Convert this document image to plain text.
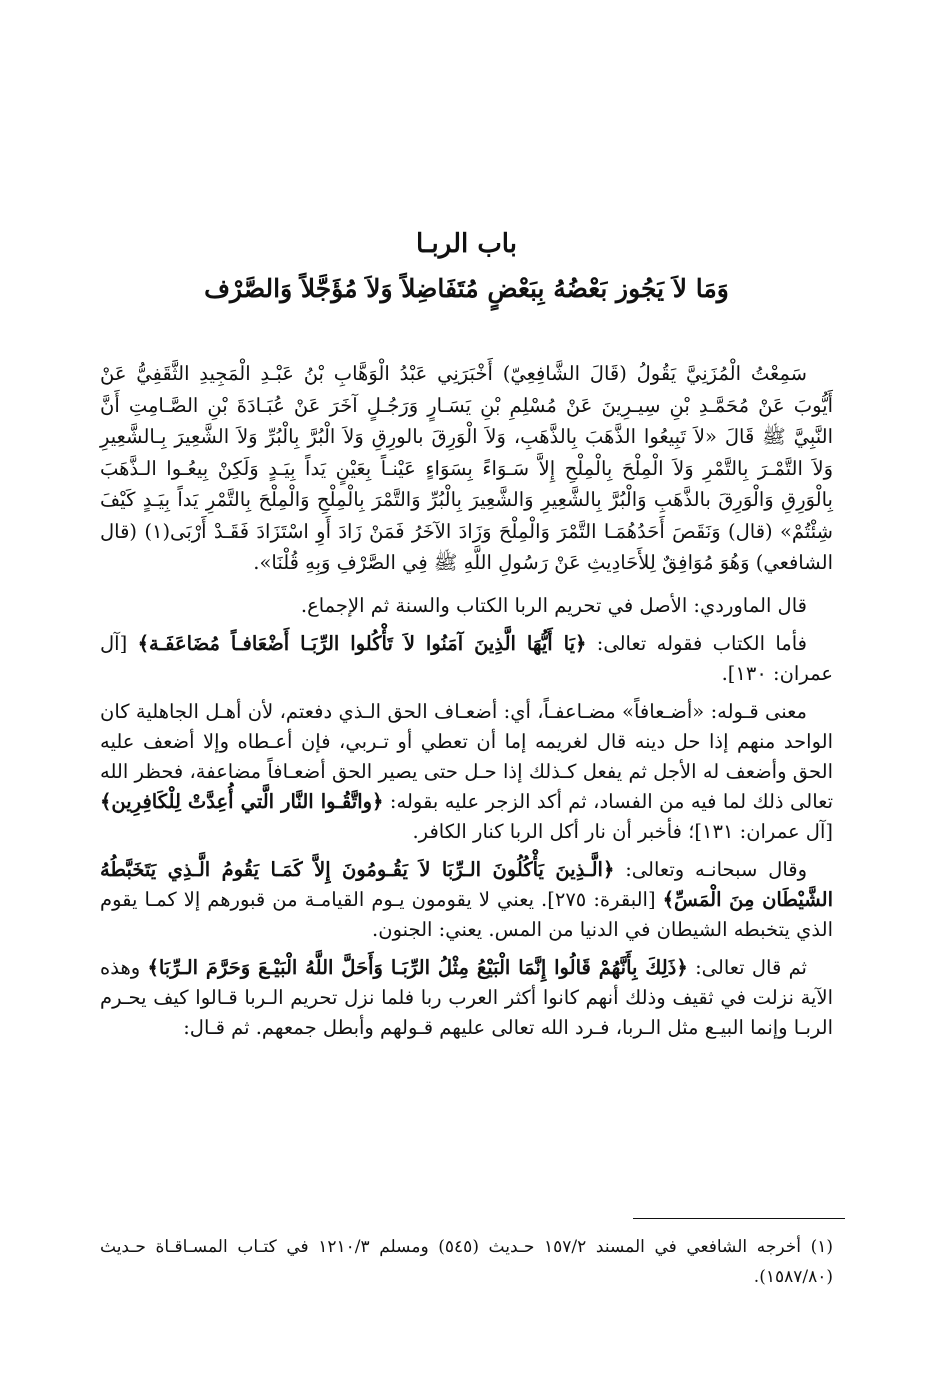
باب الربـا
وَمَا لاَ يَجُوز بَعْضُهُ بِبَعْضٍ مُتَفَاضِلاً وَلاَ مُؤَجَّلاً وَالصَّرْف

سَمِعْتُ الْمُزَنِيَّ يَقُولُ (قَالَ الشَّافِعِيّ) أَخْبَرَنِي عَبْدُ الْوَهَّابِ بْنُ عَبْـدِ الْمَجِيدِ الثَّقَفِيُّ عَنْ أَيُّوبَ عَنْ مُحَمَّـدِ بْنِ سِيـرِينَ عَنْ مُسْلِمِ بْنِ يَسَـارٍ وَرَجُـلٍ آخَرَ عَنْ عُبَـادَةَ بْنِ الصَّـامِتِ أَنَّ النَّبِيَّ ﷺ قَالَ «لاَ تَبِيعُوا الذَّهَبَ بِالذَّهَبِ، وَلاَ الْوَرِقَ بالورِقِ وَلاَ الْبُرَّ بِالْبُرِّ وَلاَ الشَّعِيرَ بِـالشَّعِيرِ وَلاَ التَّمْـرَ بِالتَّمْرِ وَلاَ الْمِلْحَ بِالْمِلْحِ إِلاَّ سَـوَاءً بِسَوَاءٍ عَيْنـاً بِعَيْنٍ يَداً بِيَـدٍ وَلَكِنْ بِيعُـوا الـذَّهَبَ بِالْوَرِقِ وَالْوَرِقَ بالذَّهَبِ وَالْبُرَّ بِالشَّعِيرِ وَالشَّعِيرَ بِالْبُرِّ وَالتَّمْرَ بِالْمِلْحِ وَالْمِلْحَ بِالتَّمْرِ يَداً بِيَـدٍ كَيْفَ شِئْتُمْ» (قال) وَنَقَصَ أَحَدُهُمَـا التَّمْرَ وَالْمِلْحَ وَزَادَ الآخَرُ فَمَنْ زَادَ أَوِ اسْتَزَادَ فَقَـدْ أَرْبَى(١) (قال الشافعي) وَهُوَ مُوَافِقٌ لِلأَحَادِيثِ عَنْ رَسُولِ اللَّهِ ﷺ فِي الصَّرْفِ وَبِهِ قُلْنَا».

قال الماوردي: الأصل في تحريم الربا الكتاب والسنة ثم الإجماع.

فأما الكتاب فقوله تعالى: ﴿يَا أَيُّهَا الَّذِينَ آمَنُوا لاَ تَأْكُلوا الرِّبَـا أَضْعَافـاً مُضَاعَفَـة﴾ [آل عمران: ١٣٠].

معنى قـوله: «أضـعافاً» مضـاعفـاً، أي: أضعـاف الحق الـذي دفعتم، لأن أهـل الجاهلية كان الواحد منهم إذا حل دينه قال لغريمه إما أن تعطي أو تـربي، فإن أعـطاه وإلا أضعف عليه الحق وأضعف له الأجل ثم يفعل كـذلك إذا حـل حتى يصير الحق أضعـافاً مضاعفة، فحظر الله تعالى ذلك لما فيه من الفساد، ثم أكد الزجر عليه بقوله: ﴿واتَّقُـوا النَّار الَّتي أُعِدَّتْ لِلْكَافِرِين﴾ [آل عمران: ١٣١]؛ فأخبر أن نار أكل الربا كنار الكافر.

وقال سبحانـه وتعالى: ﴿الَّـذِينَ يَأْكُلُونَ الـرِّبَا لاَ يَقُـومُونَ إِلاَّ كَمَـا يَقُومُ الَّـذِي يَتَخَبَّطُهُ الشَّيْطَان مِنَ الْمَسِّ﴾ [البقرة: ٢٧٥]. يعني لا يقومون يـوم القيامـة من قبورهم إلا كمـا يقوم الذي يتخبطه الشيطان في الدنيا من المس. يعني: الجنون.

ثم قال تعالى: ﴿ذَلِكَ بِأَنَّهُمْ قَالُوا إِنَّمَا الْبَيْعُ مِثْلُ الرِّبَـا وَأَحَلَّ اللَّهُ الْبَيْـعَ وَحَرَّمَ الـرِّبَا﴾ وهذه الآية نزلت في ثقيف وذلك أنهم كانوا أكثر العرب ربا فلما نزل تحريم الـربا قـالوا كيف يحـرم الربـا وإنما البيـع مثل الـربا، فـرد الله تعالى عليهم قـولهم وأبطل جمعهم. ثم قـال:

(١) أخرجه الشافعي في المسند ١٥٧/٢ حـديث (٥٤٥) ومسلم ١٢١٠/٣ في كتـاب المسـاقـاة حـديث (١٥٨٧/٨٠).
